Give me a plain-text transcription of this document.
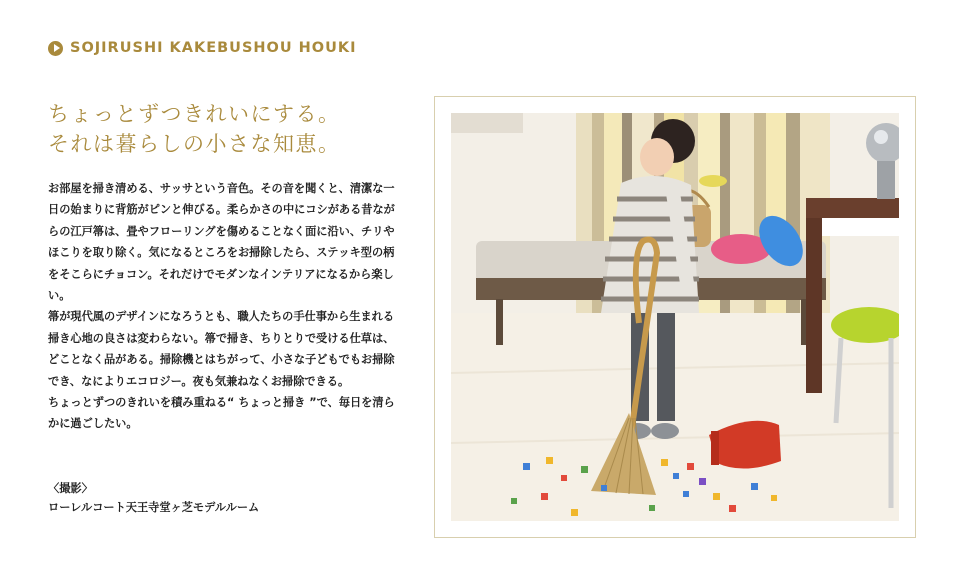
SOJIRUSHI KAKEBUSHOU HOUKI
ちょっとずつきれいにする。
それは暮らしの小さな知恵。

お部屋を掃き清める、サッサという音色。その音を聞くと、清潔な一日の始まりに背筋がピンと伸びる。柔らかさの中にコシがある昔ながらの江戸箒は、畳やフローリングを傷めることなく面に沿い、チリやほこりを取り除く。気になるところをお掃除したら、ステッキ型の柄をそこらにチョコン。それだけでモダンなインテリアになるから楽しい。

箒が現代風のデザインになろうとも、職人たちの手仕事から生まれる掃き心地の良さは変わらない。箒で掃き、ちりとりで受ける仕草は、どことなく品がある。掃除機とはちがって、小さな子どもでもお掃除でき、なによりエコロジー。夜も気兼ねなくお掃除できる。

ちょっとずつのきれいを積み重ねる“ ちょっと掃き ”で、毎日を清らかに過ごしたい。

〈撮影〉
ローレルコート天王寺堂ヶ芝モデルルーム
